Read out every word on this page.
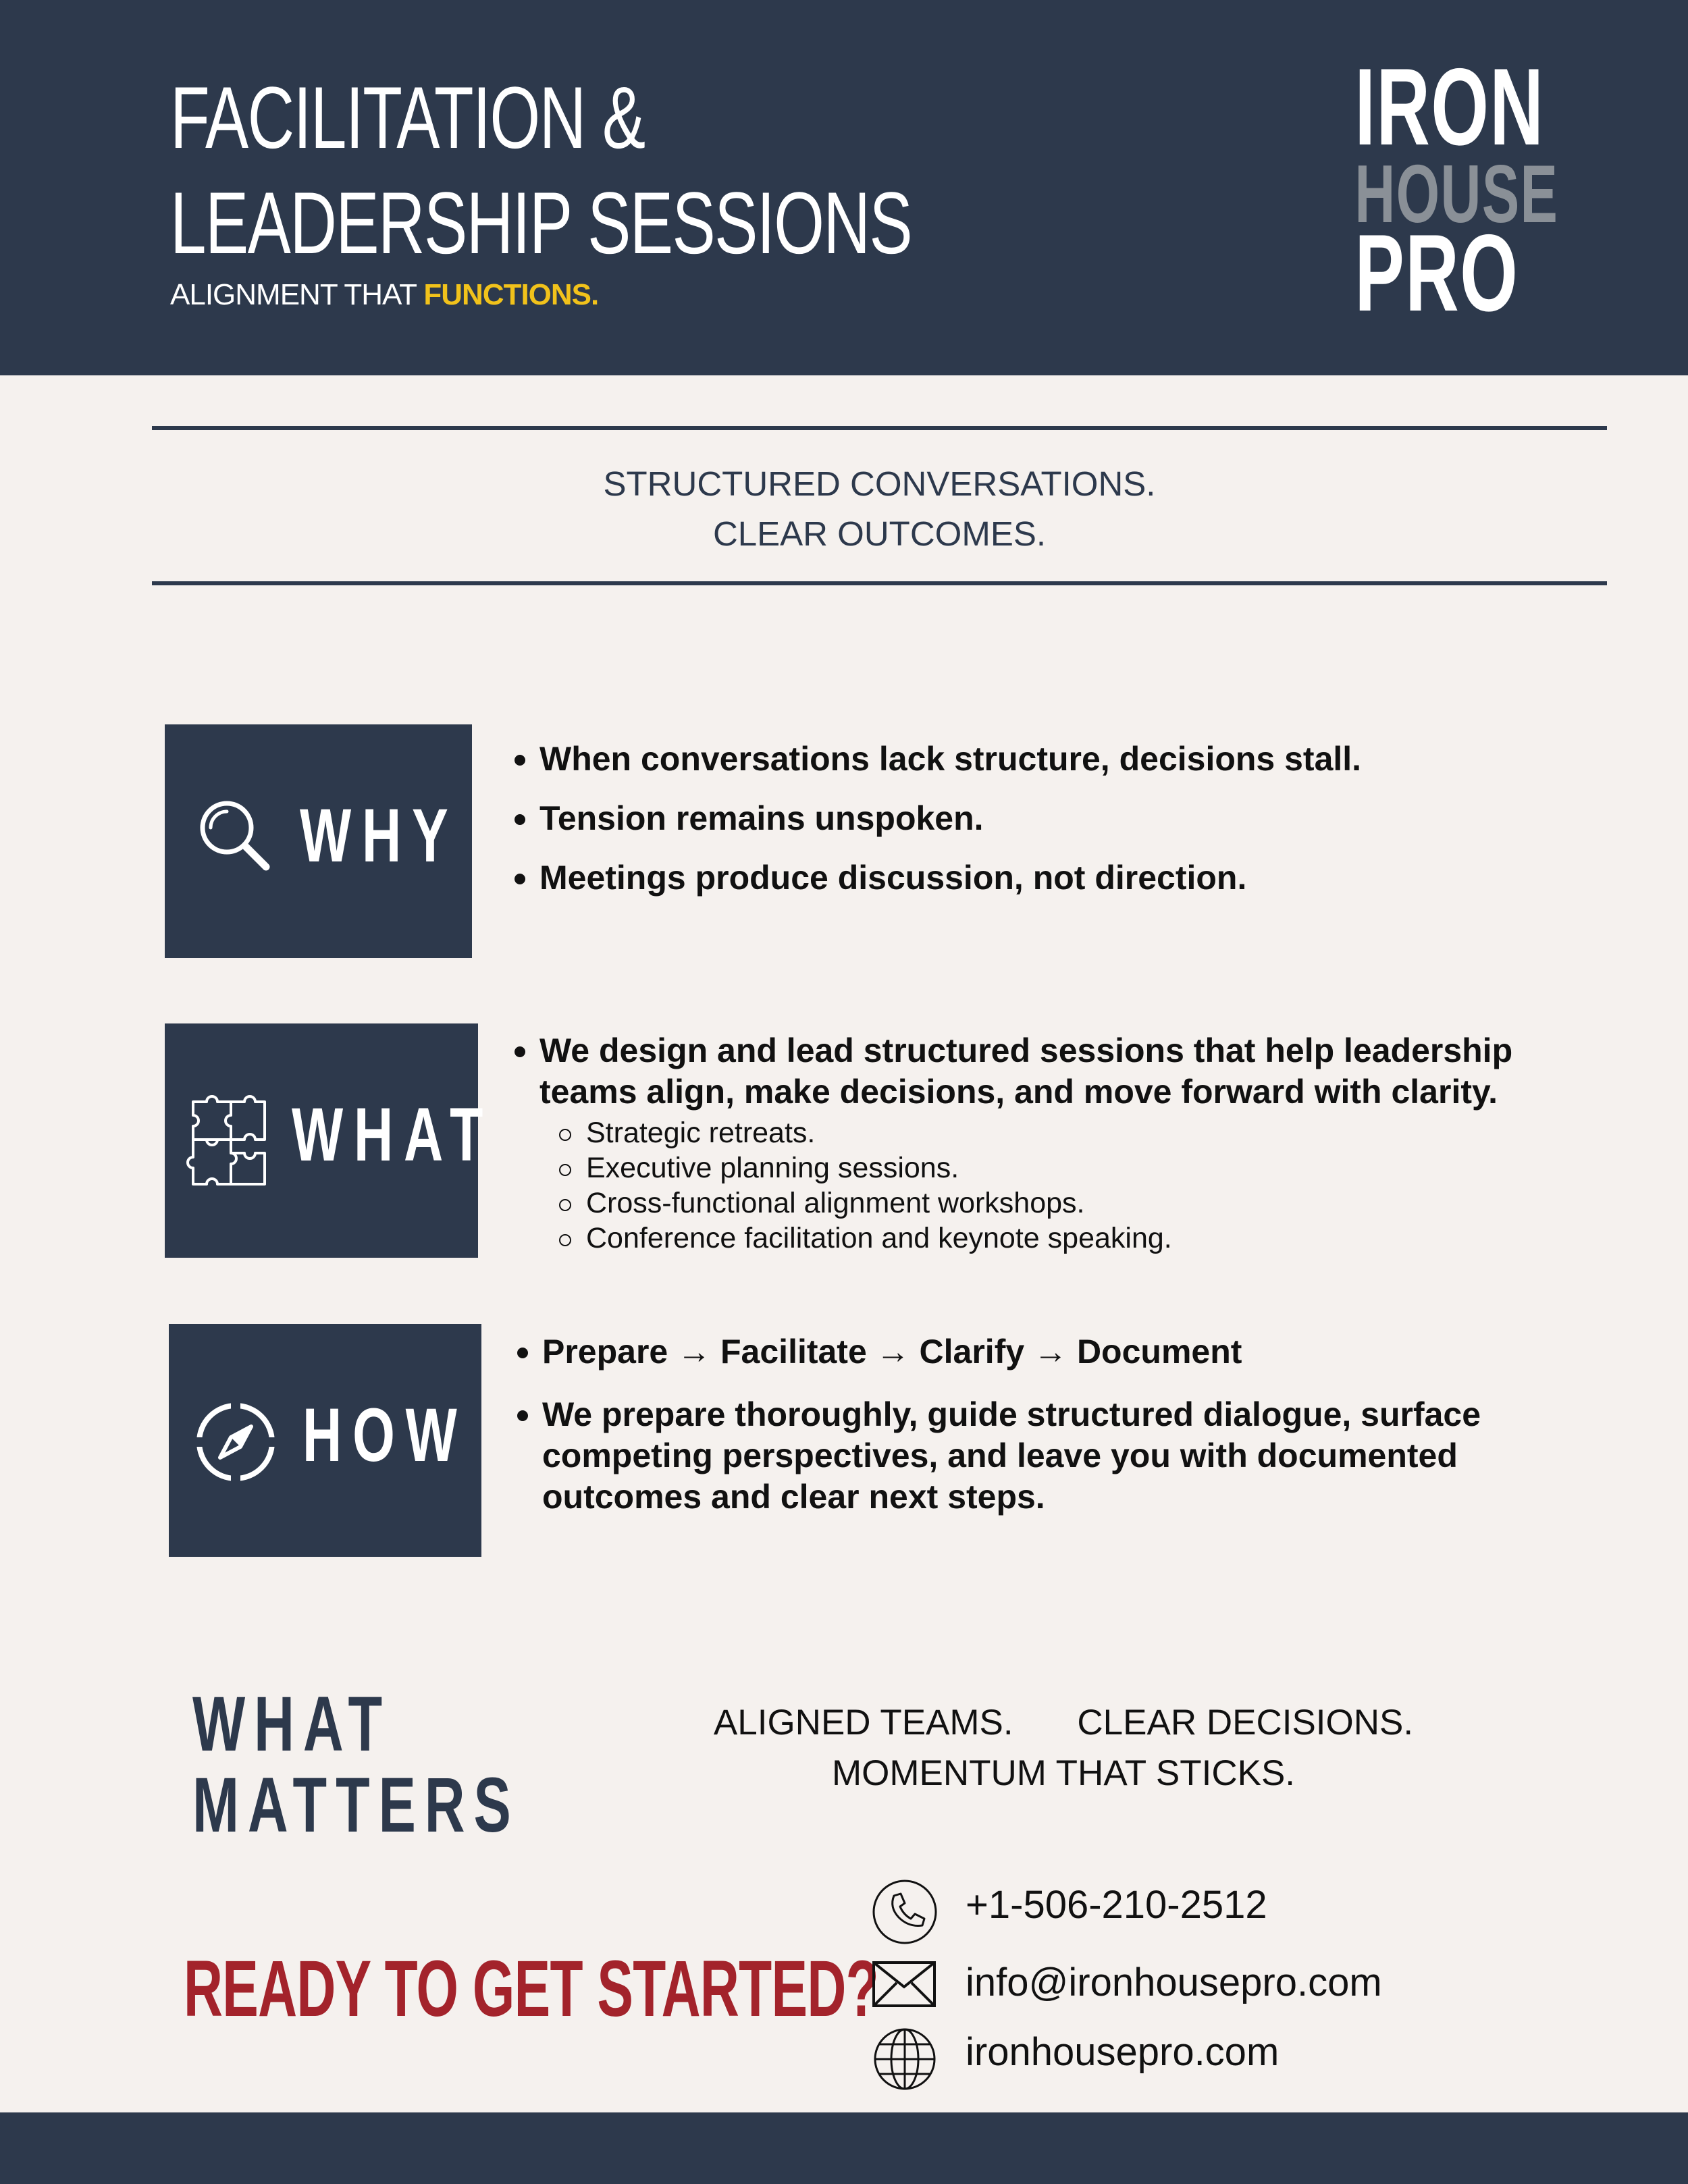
FACILITATION &
LEADERSHIP SESSIONS
ALIGNMENT THAT FUNCTIONS.
IRON
HOUSE
PRO
STRUCTURED CONVERSATIONS.
CLEAR OUTCOMES.
WHY
When conversations lack structure, decisions stall.
Tension remains unspoken.
Meetings produce discussion, not direction.
WHAT
We design and lead structured sessions that help leadership teams align, make decisions, and move forward with clarity.
Strategic retreats.
Executive planning sessions.
Cross-functional alignment workshops.
Conference facilitation and keynote speaking.
HOW
Prepare → Facilitate → Clarify → Document
We prepare thoroughly, guide structured dialogue, surface competing perspectives, and leave you with documented outcomes and clear next steps.
WHAT
MATTERS
ALIGNED TEAMS. CLEAR DECISIONS.
MOMENTUM THAT STICKS.
READY TO GET STARTED?
+1-506-210-2512
info@ironhousepro.com
ironhousepro.com
